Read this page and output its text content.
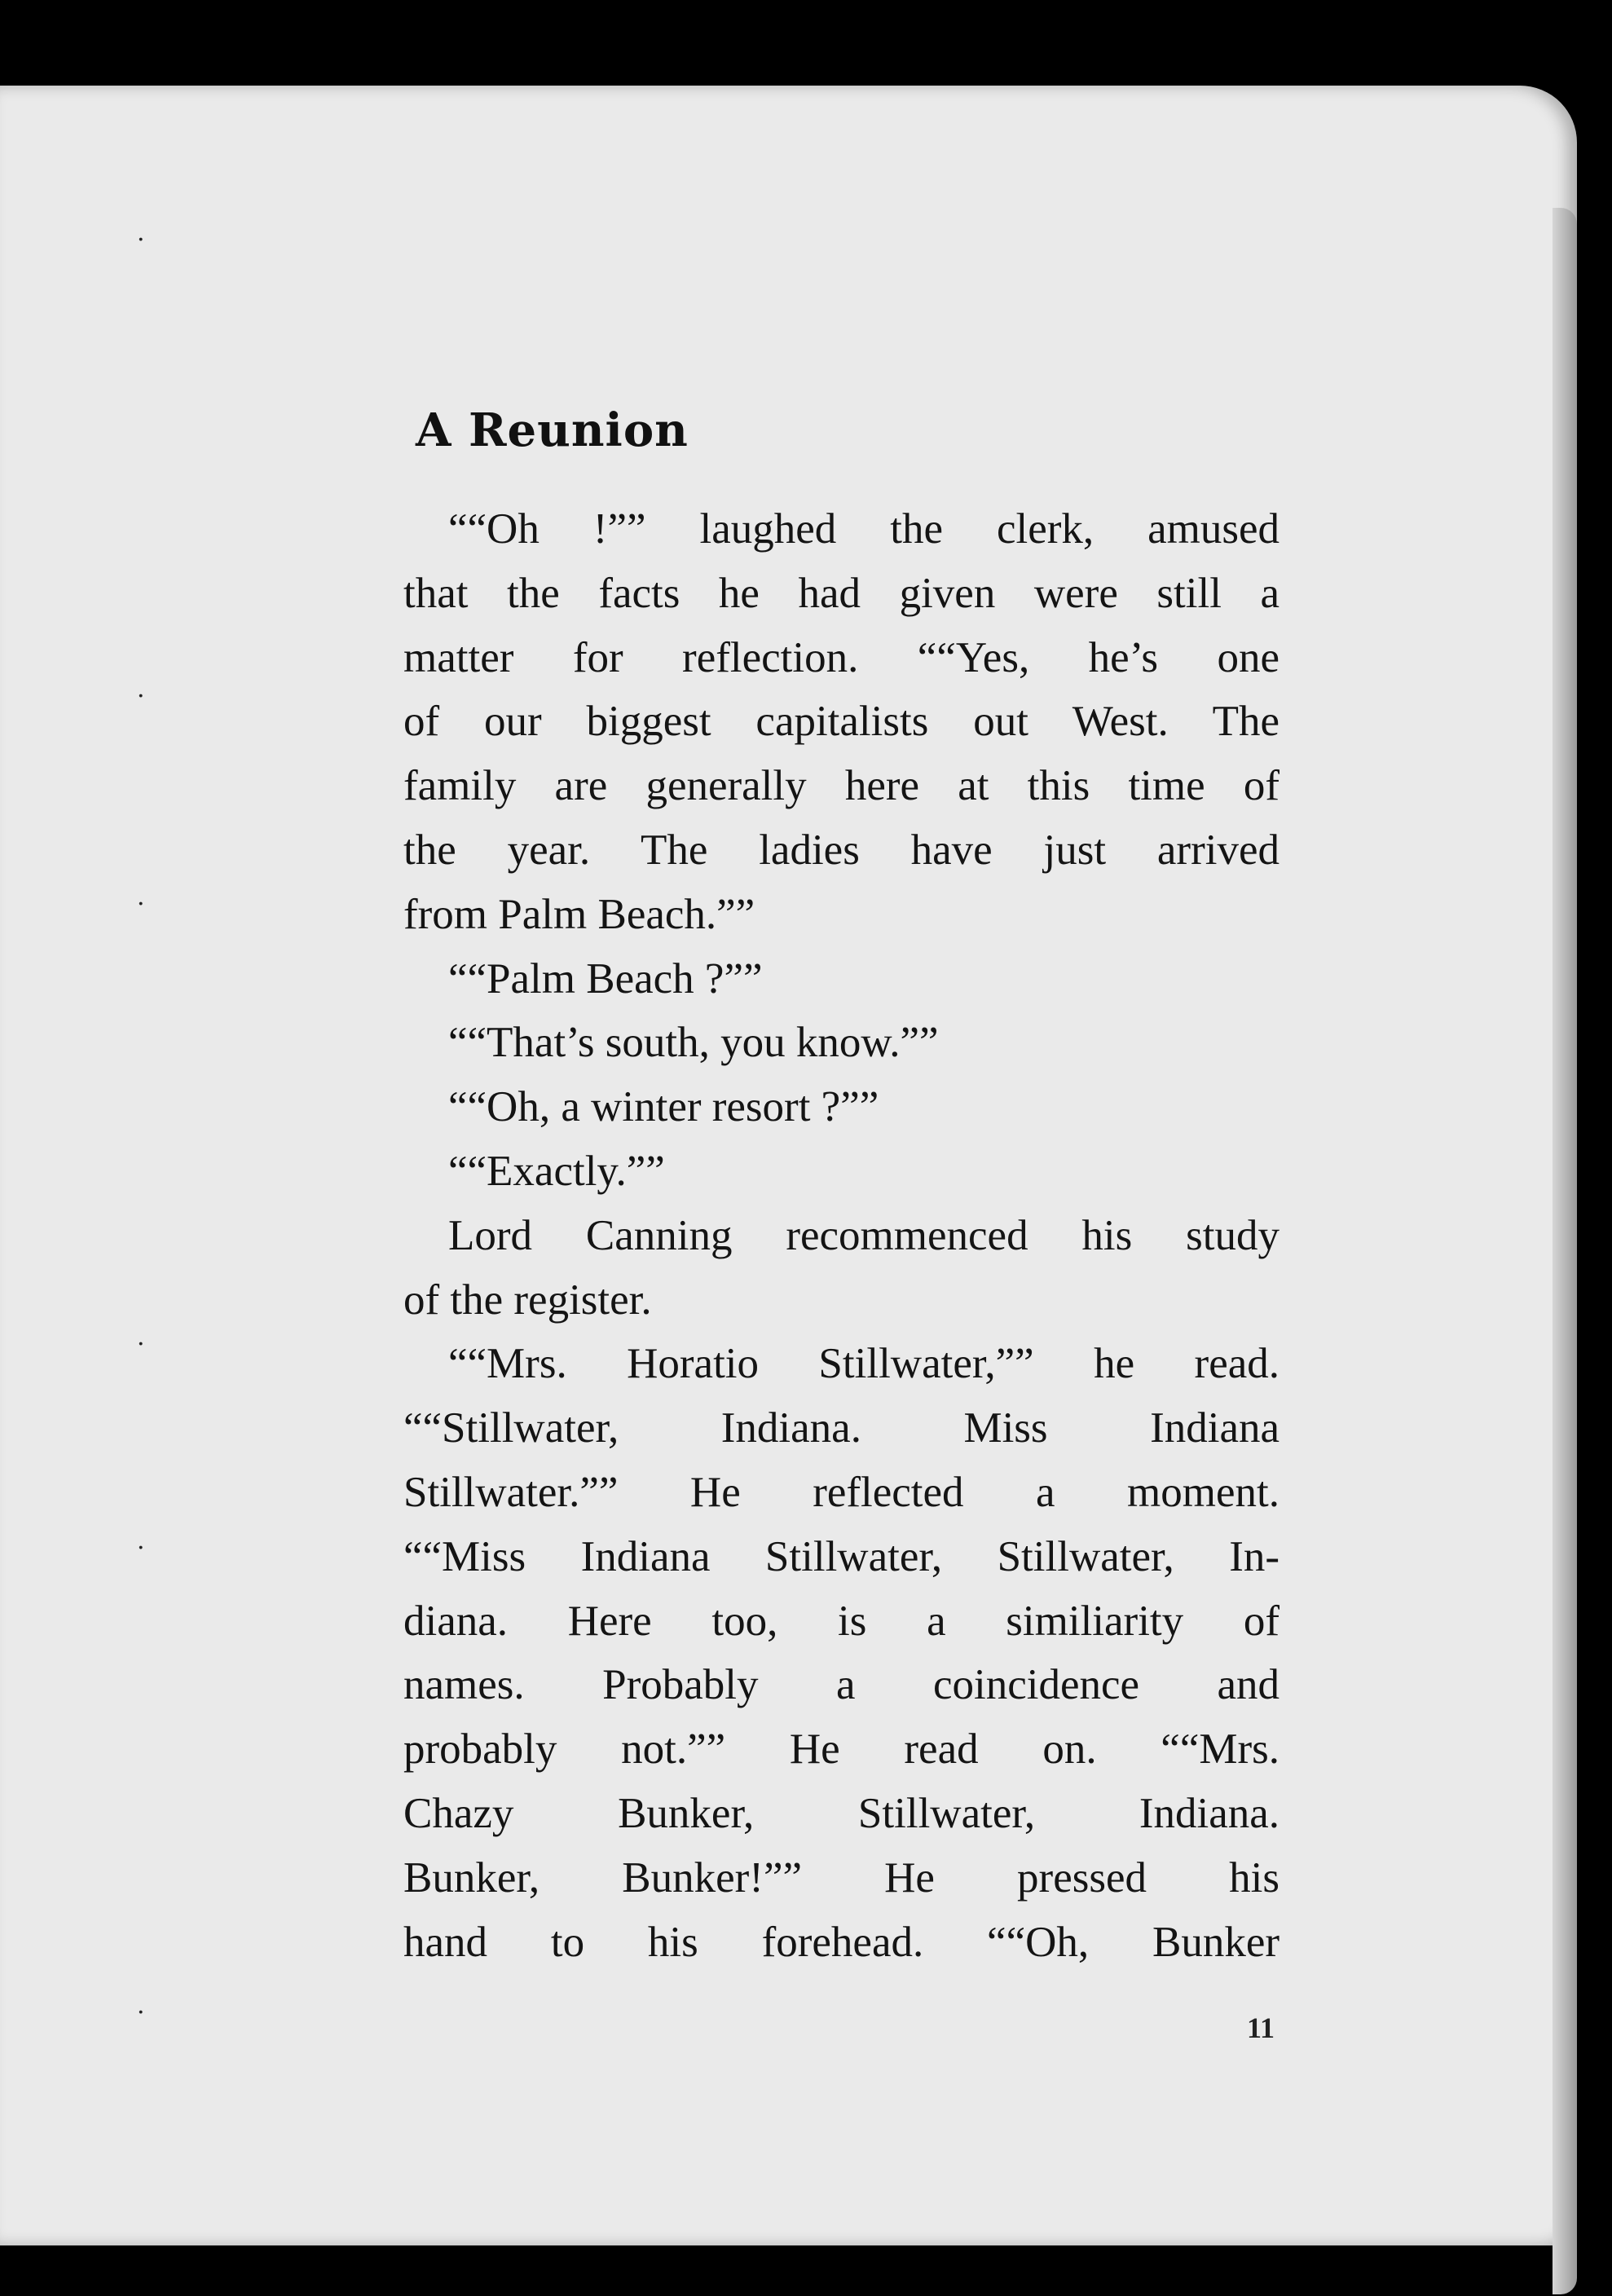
·
·
·
·
·
·
A Reunion
““Oh !”” laughed the clerk, amused
that the facts he had given were still a
matter for reflection. ““Yes, he’s one
of our biggest capitalists out West. The
family are generally here at this time of
the year. The ladies have just arrived
from Palm Beach.””
““Palm Beach ?””
““That’s south, you know.””
““Oh, a winter resort ?””
““Exactly.””
Lord Canning recommenced his study
of the register.
““Mrs. Horatio Stillwater,”” he read.
““Stillwater, Indiana. Miss Indiana
Stillwater.”” He reflected a moment.
““Miss Indiana Stillwater, Stillwater, In-
diana. Here too, is a similiarity of
names. Probably a coincidence and
probably not.”” He read on. ““Mrs.
Chazy Bunker, Stillwater, Indiana.
Bunker, Bunker!”” He pressed his
hand to his forehead. ““Oh, Bunker
11
